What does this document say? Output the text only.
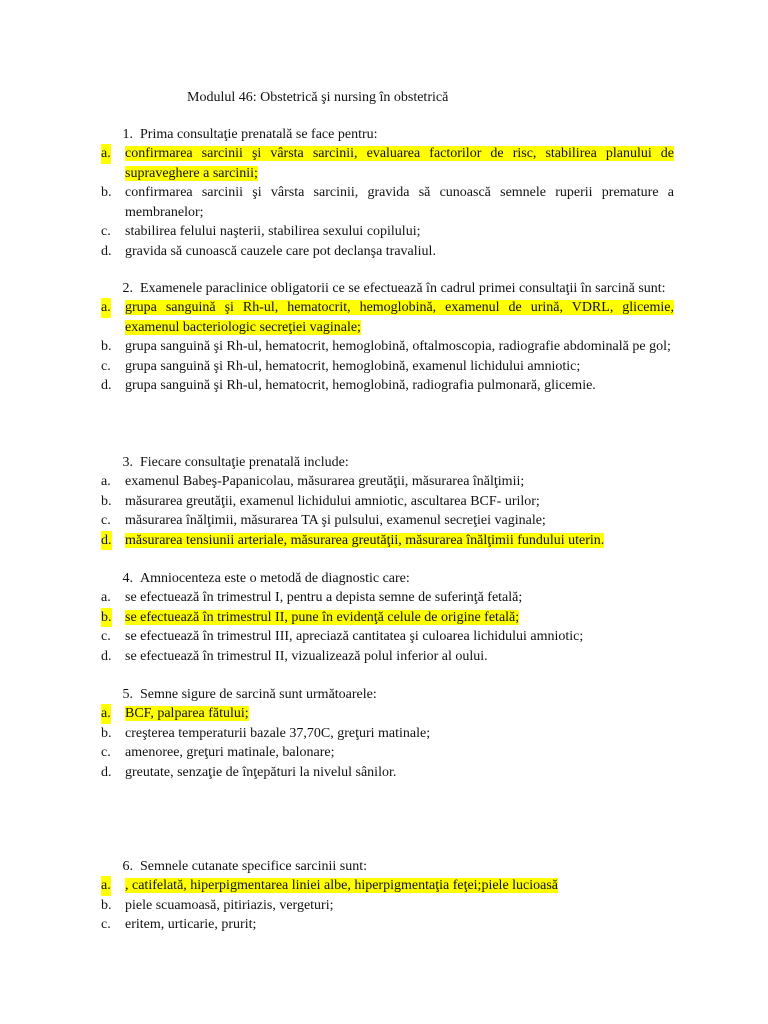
Modulul 46: Obstetrică şi nursing în obstetrică
1. Prima consultaţie prenatală se face pentru:
a. confirmarea sarcinii şi vârsta sarcinii, evaluarea factorilor de risc, stabilirea planului de supraveghere a sarcinii;
b. confirmarea sarcinii şi vârsta sarcinii, gravida să cunoască semnele ruperii premature a membranelor;
c. stabilirea felului naşterii, stabilirea sexului copilului;
d. gravida să cunoască cauzele care pot declanşa travaliul.
2. Examenele paraclinice obligatorii ce se efectuează în cadrul primei consultaţii în sarcină sunt:
a. grupa sanguină şi Rh-ul, hematocrit, hemoglobină, examenul de urină, VDRL, glicemie, examenul bacteriologic secreţiei vaginale;
b. grupa sanguină şi Rh-ul, hematocrit, hemoglobină, oftalmoscopia, radiografie abdominală pe gol;
c. grupa sanguină şi Rh-ul, hematocrit, hemoglobină, examenul lichidului amniotic;
d. grupa sanguină şi Rh-ul, hematocrit, hemoglobină, radiografia pulmonară, glicemie.
3. Fiecare consultaţie prenatală include:
a. examenul Babeş-Papanicolau, măsurarea greutăţii, măsurarea înălţimii;
b. măsurarea greutăţii, examenul lichidului amniotic, ascultarea BCF- urilor;
c. măsurarea înălţimii, măsurarea TA şi pulsului, examenul secreţiei vaginale;
d. măsurarea tensiunii arteriale, măsurarea greutăţii, măsurarea înălţimii fundului uterin.
4. Amniocenteza este o metodă de diagnostic care:
a. se efectuează în trimestrul I, pentru a depista semne de suferinţă fetală;
b. se efectuează în trimestrul II, pune în evidenţă celule de origine fetală;
c. se efectuează în trimestrul III, apreciază cantitatea şi culoarea lichidului amniotic;
d. se efectuează în trimestrul II, vizualizează polul inferior al oului.
5. Semne sigure de sarcină sunt următoarele:
a. BCF, palparea fătului;
b. creşterea temperaturii bazale 37,70C, greţuri matinale;
c. amenoree, greţuri matinale, balonare;
d. greutate, senzaţie de înţepături la nivelul sânilor.
6. Semnele cutanate specifice sarcinii sunt:
a. , catifelată, hiperpigmentarea liniei albe, hiperpigmentaţia feţei;piele lucioasă
b. piele scuamoasă, pitiriazis, vergeturi;
c. eritem, urticarie, prurit;
